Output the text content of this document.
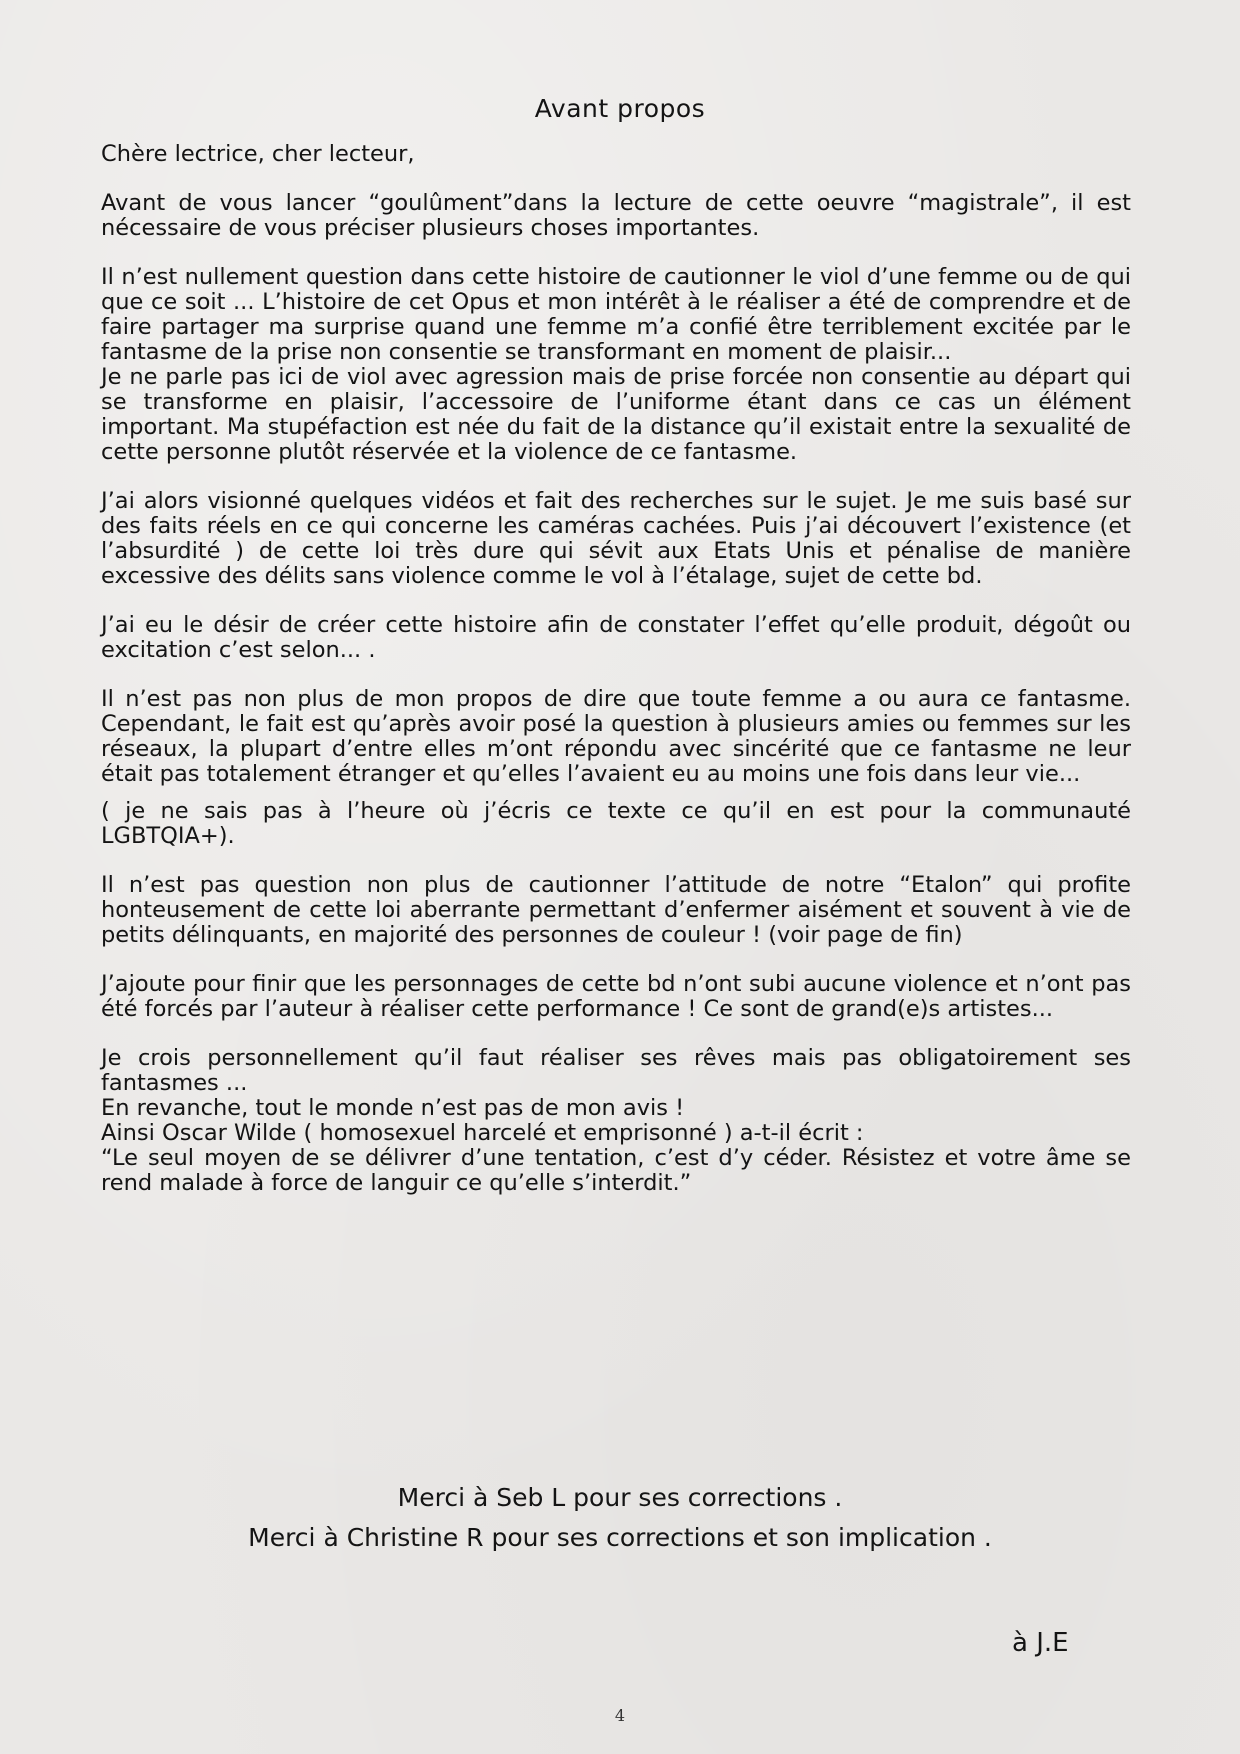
Avant propos

Chère lectrice, cher lecteur,

Avant de vous lancer “goulûment”dans la lecture de cette oeuvre “magistrale”, il est nécessaire de vous préciser plusieurs choses importantes.

Il n’est nullement question dans cette histoire de cautionner le viol d’une femme ou de qui que ce soit ... L’histoire de cet Opus et mon intérêt à le réaliser a été de comprendre et de faire partager ma surprise quand une femme m’a confié être terriblement excitée par le fantasme de la prise non consentie se transformant en moment de plaisir...

Je ne parle pas ici de viol avec agression mais de prise forcée non consentie au départ qui se transforme en plaisir, l’accessoire de l’uniforme étant dans ce cas un élément important. Ma stupéfaction est née du fait de la distance qu’il existait entre la sexualité de cette personne plutôt réservée et la violence de ce fantasme.

J’ai alors visionné quelques vidéos et fait des recherches sur le sujet. Je me suis basé sur des faits réels en ce qui concerne les caméras cachées. Puis j’ai découvert l’existence (et l’absurdité ) de cette loi très dure qui sévit aux Etats Unis et pénalise de manière excessive des délits sans violence comme le vol à l’étalage, sujet de cette bd.

J’ai eu le désir de créer cette histoire afin de constater l’effet qu’elle produit, dégoût ou excitation c’est selon... .

Il n’est pas non plus de mon propos de dire que toute femme a ou aura ce fantasme. Cependant, le fait est qu’après avoir posé la question à plusieurs amies ou femmes sur les réseaux, la plupart d’entre elles m’ont répondu avec sincérité que ce fantasme ne leur était pas totalement étranger et qu’elles l’avaient eu au moins une fois dans leur vie...

( je ne sais pas à l’heure où j’écris ce texte ce qu’il en est pour la communauté LGBTQIA+).

Il n’est pas question non plus de cautionner l’attitude de notre “Etalon” qui profite honteusement de cette loi aberrante permettant d’enfermer aisément et souvent à vie de petits délinquants, en majorité des personnes de couleur ! (voir page de fin)

J’ajoute pour finir que les personnages de cette bd n’ont subi aucune violence et n’ont pas été forcés par l’auteur à réaliser cette performance ! Ce sont de grand(e)s artistes...

Je crois personnellement qu’il faut réaliser ses rêves mais pas obligatoirement ses fantasmes ...

En revanche, tout le monde n’est pas de mon avis !

Ainsi Oscar Wilde ( homosexuel harcelé et emprisonné ) a-t-il écrit :

“Le seul moyen de se délivrer d’une tentation, c’est d’y céder. Résistez et votre âme se rend malade à force de languir ce qu’elle s’interdit.”

Merci à Seb L pour ses corrections .
Merci à Christine R pour ses corrections et son implication .
à J.E
4
